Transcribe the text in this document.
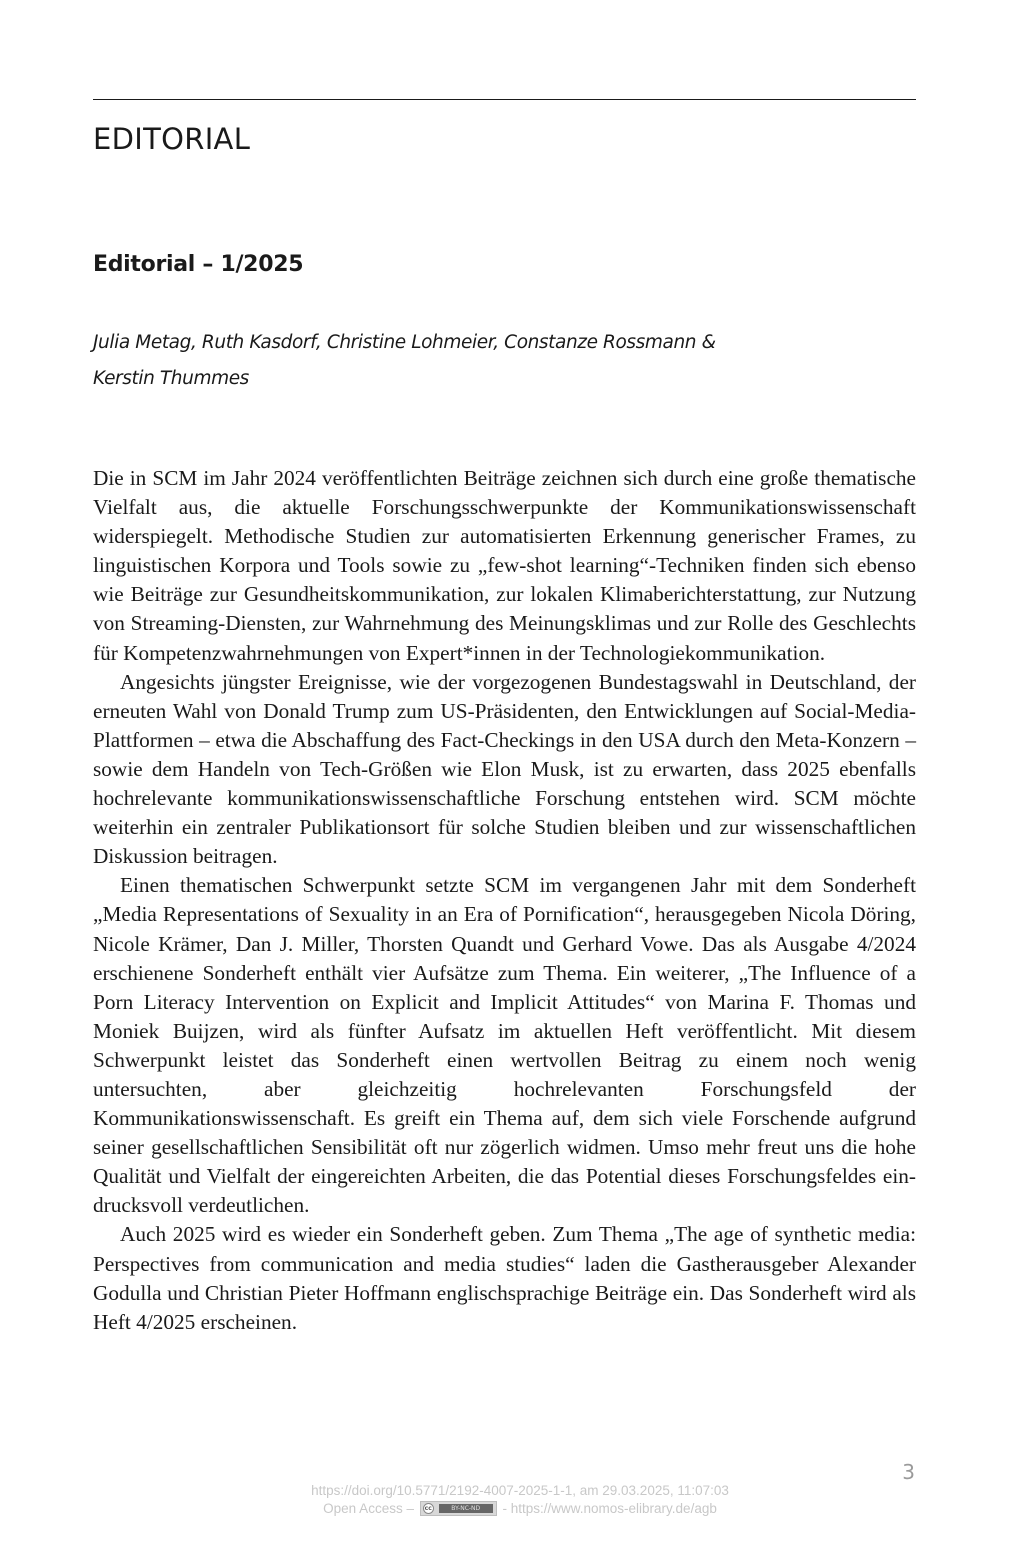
EDITORIAL
Editorial – 1/2025
Julia Metag, Ruth Kasdorf, Christine Lohmeier, Constanze Rossmann &
Kerstin Thummes

Die in SCM im Jahr 2024 veröffentlichten Beiträge zeichnen sich durch eine große thematische Vielfalt aus, die aktuelle Forschungsschwerpunkte der Kommunikationswissenschaft widerspiegelt. Methodische Studien zur automatisierten Erkennung generischer Frames, zu linguistischen Korpora und Tools sowie zu „few-shot learning“-Techniken finden sich ebenso wie Beiträge zur Gesundheitskommunikation, zur lokalen Klimaberichterstattung, zur Nutzung von Streaming-Diensten, zur Wahrnehmung des Meinungsklimas und zur Rolle des Geschlechts für Kompetenzwahrnehmungen von Expert*innen in der Technologiekommunikation.

Angesichts jüngster Ereignisse, wie der vorgezogenen Bundestagswahl in Deutschland, der erneuten Wahl von Donald Trump zum US-Präsidenten, den Entwicklungen auf Social-Media-Plattformen – etwa die Abschaffung des Fact-Checkings in den USA durch den Meta-Konzern – sowie dem Handeln von Tech-Größen wie Elon Musk, ist zu erwarten, dass 2025 ebenfalls hochrelevante kommunikationswissenschaftliche Forschung entstehen wird. SCM möchte weiterhin ein zentraler Publikationsort für solche Studien bleiben und zur wissenschaftlichen Diskussion beitragen.

Einen thematischen Schwerpunkt setzte SCM im vergangenen Jahr mit dem Sonderheft „Media Representations of Sexuality in an Era of Pornification“, herausgegeben Nicola Döring, Nicole Krämer, Dan J. Miller, Thorsten Quandt und Gerhard Vowe. Das als Ausgabe 4/2024 erschienene Sonderheft enthält vier Aufsätze zum Thema. Ein weiterer, „The Influence of a Porn Literacy Intervention on Explicit and Implicit Attitudes“ von Marina F. Thomas und Moniek Buijzen, wird als fünfter Aufsatz im aktuellen Heft veröffentlicht. Mit diesem Schwerpunkt leistet das Sonderheft einen wertvollen Beitrag zu einem noch wenig untersuchten, aber gleichzeitig hochrelevanten Forschungsfeld der Kommunikationswissenschaft. Es greift ein Thema auf, dem sich viele Forschende aufgrund seiner gesellschaftlichen Sensibilität oft nur zögerlich widmen. Umso mehr freut uns die hohe Qualität und Vielfalt der eingereichten Arbeiten, die das Potential dieses Forschungsfeldes eindrucksvoll verdeutlichen.

Auch 2025 wird es wieder ein Sonderheft geben. Zum Thema „The age of synthetic media: Perspectives from communication and media studies“ laden die Gastherausgeber Alexander Godulla und Christian Pieter Hoffmann englischsprachige Beiträge ein. Das Sonderheft wird als Heft 4/2025 erscheinen.

3
https://doi.org/10.5771/2192-4007-2025-1-1, am 29.03.2025, 11:07:03
Open Access –	cc	BY-NC-ND	- https://www.nomos-elibrary.de/agb
